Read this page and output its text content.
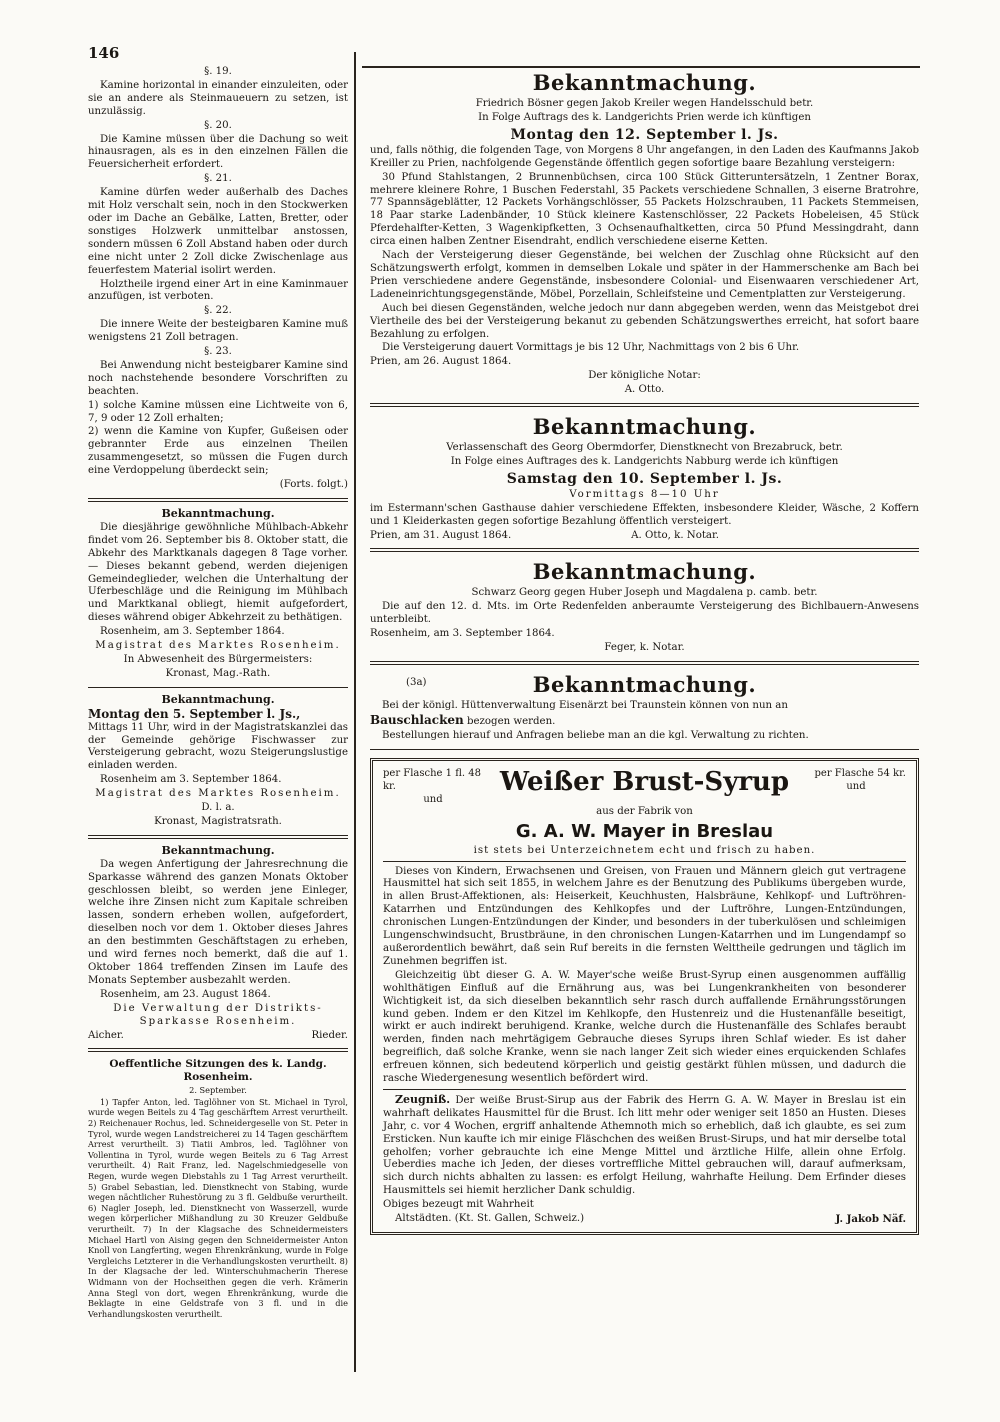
146

§. 19.

Kamine horizontal in einander einzuleiten, oder sie an andere als Steinmaueuern zu setzen, ist unzulässig.

§. 20.

Die Kamine müssen über die Dachung so weit hinausragen, als es in den einzelnen Fällen die Feuersicherheit erfordert.

§. 21.

Kamine dürfen weder außerhalb des Daches mit Holz verschalt sein, noch in den Stockwerken oder im Dache an Gebälke, Latten, Bretter, oder sonstiges Holzwerk unmittelbar anstossen, sondern müssen 6 Zoll Abstand haben oder durch eine nicht unter 2 Zoll dicke Zwischenlage aus feuerfestem Material isolirt werden.

Holztheile irgend einer Art in eine Kaminmauer anzufügen, ist verboten.

§. 22.

Die innere Weite der besteigbaren Kamine muß wenigstens 21 Zoll betragen.

§. 23.

Bei Anwendung nicht besteigbarer Kamine sind noch nachstehende besondere Vorschriften zu beachten.

1) solche Kamine müssen eine Lichtweite von 6, 7, 9 oder 12 Zoll erhalten;

2) wenn die Kamine von Kupfer, Gußeisen oder gebrannter Erde aus einzelnen Theilen zusammengesetzt, so müssen die Fugen durch eine Verdoppelung überdeckt sein;

(Forts. folgt.)

Bekanntmachung.

Die diesjährige gewöhnliche Mühlbach-Abkehr findet vom 26. September bis 8. Oktober statt, die Abkehr des Marktkanals dagegen 8 Tage vorher. — Dieses bekannt gebend, werden diejenigen Gemeindeglieder, welchen die Unterhaltung der Uferbeschläge und die Reinigung im Mühlbach und Marktkanal obliegt, hiemit aufgefordert, dieses während obiger Abkehrzeit zu bethätigen.

Rosenheim, am 3. September 1864.

Magistrat des Marktes Rosenheim.

In Abwesenheit des Bürgermeisters:

Kronast, Mag.-Rath.

Bekanntmachung.

Montag den 5. September l. Js.,

Mittags 11 Uhr, wird in der Magistratskanzlei das der Gemeinde gehörige Fischwasser zur Versteigerung gebracht, wozu Steigerungslustige einladen werden.

Rosenheim am 3. September 1864.

Magistrat des Marktes Rosenheim.

D. l. a.

Kronast, Magistratsrath.

Bekanntmachung.

Da wegen Anfertigung der Jahresrechnung die Sparkasse während des ganzen Monats Oktober geschlossen bleibt, so werden jene Einleger, welche ihre Zinsen nicht zum Kapitale schreiben lassen, sondern erheben wollen, aufgefordert, dieselben noch vor dem 1. Oktober dieses Jahres an den bestimmten Geschäftstagen zu erheben, und wird fernes noch bemerkt, daß die auf 1. Oktober 1864 treffenden Zinsen im Laufe des Monats September ausbezahlt werden.

Rosenheim, am 23. August 1864.

Die Verwaltung der Distrikts-Sparkasse Rosenheim.

Aicher.	Rieder.

Oeffentliche Sitzungen des k. Landg. Rosenheim.

2. September.

1) Tapfer Anton, led. Taglöhner von St. Michael in Tyrol, wurde wegen Beitels zu 4 Tag geschärftem Arrest verurtheilt. 2) Reichenauer Rochus, led. Schneidergeselle von St. Peter in Tyrol, wurde wegen Landstreicherei zu 14 Tagen geschärftem Arrest verurtheilt. 3) Tiatii Ambros, led. Taglöhner von Vollentina in Tyrol, wurde wegen Beitels zu 6 Tag Arrest verurtheilt. 4) Rait Franz, led. Nagelschmiedgeselle von Regen, wurde wegen Diebstahls zu 1 Tag Arrest verurtheilt. 5) Grabel Sebastian, led. Dienstknecht von Stabing, wurde wegen nächtlicher Ruhestörung zu 3 fl. Geldbuße verurtheilt. 6) Nagler Joseph, led. Dienstknecht von Wasserzell, wurde wegen körperlicher Mißhandlung zu 30 Kreuzer Geldbuße verurtheilt. 7) In der Klagsache des Schneidermeisters Michael Hartl von Aising gegen den Schneidermeister Anton Knoll von Langferting, wegen Ehrenkränkung, wurde in Folge Vergleichs Letzterer in die Verhandlungskosten verurtheilt. 8) In der Klagsache der led. Winterschuhmacherin Therese Widmann von der Hochseithen gegen die verh. Krämerin Anna Stegl von dort, wegen Ehrenkränkung, wurde die Beklagte in eine Geldstrafe von 3 fl. und in die Verhandlungskosten verurtheilt.

Bekanntmachung.

Friedrich Bösner gegen Jakob Kreiler wegen Handelsschuld betr.

In Folge Auftrags des k. Landgerichts Prien werde ich künftigen

Montag den 12. September l. Js.

und, falls nöthig, die folgenden Tage, von Morgens 8 Uhr angefangen, in den Laden des Kaufmanns Jakob Kreiller zu Prien, nachfolgende Gegenstände öffentlich gegen sofortige baare Bezahlung versteigern:

30 Pfund Stahlstangen, 2 Brunnenbüchsen, circa 100 Stück Gitteruntersätzeln, 1 Zentner Borax, mehrere kleinere Rohre, 1 Buschen Federstahl, 35 Packets verschiedene Schnallen, 3 eiserne Bratrohre, 77 Spannsägeblätter, 12 Packets Vorhängschlösser, 55 Packets Holzschrauben, 11 Packets Stemmeisen, 18 Paar starke Ladenbänder, 10 Stück kleinere Kastenschlösser, 22 Packets Hobeleisen, 45 Stück Pferdehalfter-Ketten, 3 Wagenkipfketten, 3 Ochsenaufhaltketten, circa 50 Pfund Messingdraht, dann circa einen halben Zentner Eisendraht, endlich verschiedene eiserne Ketten.

Nach der Versteigerung dieser Gegenstände, bei welchen der Zuschlag ohne Rücksicht auf den Schätzungswerth erfolgt, kommen in demselben Lokale und später in der Hammerschenke am Bach bei Prien verschiedene andere Gegenstände, insbesondere Colonial- und Eisenwaaren verschiedener Art, Ladeneinrichtungsgegenstände, Möbel, Porzellain, Schleifsteine und Cementplatten zur Versteigerung.

Auch bei diesen Gegenständen, welche jedoch nur dann abgegeben werden, wenn das Meistgebot drei Viertheile des bei der Versteigerung bekanut zu gebenden Schätzungswerthes erreicht, hat sofort baare Bezahlung zu erfolgen.

Die Versteigerung dauert Vormittags je bis 12 Uhr, Nachmittags von 2 bis 6 Uhr.

Prien, am 26. August 1864.

Der königliche Notar:

A. Otto.

Bekanntmachung.

Verlassenschaft des Georg Obermdorfer, Dienstknecht von Brezabruck, betr.

In Folge eines Auftrages des k. Landgerichts Nabburg werde ich künftigen

Samstag den 10. September l. Js.

Vormittags 8—10 Uhr

im Estermann'schen Gasthause dahier verschiedene Effekten, insbesondere Kleider, Wäsche, 2 Koffern und 1 Kleiderkasten gegen sofortige Bezahlung öffentlich versteigert.

Prien, am 31. August 1864.	A. Otto, k. Notar.

Bekanntmachung.

Schwarz Georg gegen Huber Joseph und Magdalena p. camb. betr.

Die auf den 12. d. Mts. im Orte Redenfelden anberaumte Versteigerung des Bichlbauern-Anwesens unterbleibt.

Rosenheim, am 3. September 1864.

Feger, k. Notar.

(3a)	Bekanntmachung.

Bei der königl. Hüttenverwaltung Eisenärzt bei Traunstein können von nun an

Bauschlacken bezogen werden.

Bestellungen hierauf und Anfragen beliebe man an die kgl. Verwaltung zu richten.

per Flasche 1 fl. 48 kr.
und
Weißer Brust-Syrup	per Flasche 54 kr.
und

aus der Fabrik von

G. A. W. Mayer in Breslau

ist stets bei Unterzeichnetem echt und frisch zu haben.

Dieses von Kindern, Erwachsenen und Greisen, von Frauen und Männern gleich gut vertragene Hausmittel hat sich seit 1855, in welchem Jahre es der Benutzung des Publikums übergeben wurde, in allen Brust-Affektionen, als: Heiserkeit, Keuchhusten, Halsbräune, Kehlkopf- und Luftröhren-Katarrhen und Entzündungen des Kehlkopfes und der Luftröhre, Lungen-Entzündungen, chronischen Lungen-Entzündungen der Kinder, und besonders in der tuberkulösen und schleimigen Lungenschwindsucht, Brustbräune, in den chronischen Lungen-Katarrhen und im Lungendampf so außerordentlich bewährt, daß sein Ruf bereits in die fernsten Welttheile gedrungen und täglich im Zunehmen begriffen ist.

Gleichzeitig übt dieser G. A. W. Mayer'sche weiße Brust-Syrup einen ausgenommen auffällig wohlthätigen Einfluß auf die Ernährung aus, was bei Lungenkrankheiten von besonderer Wichtigkeit ist, da sich dieselben bekanntlich sehr rasch durch auffallende Ernährungsstörungen kund geben. Indem er den Kitzel im Kehlkopfe, den Hustenreiz und die Hustenanfälle beseitigt, wirkt er auch indirekt beruhigend. Kranke, welche durch die Hustenanfälle des Schlafes beraubt werden, finden nach mehrtägigem Gebrauche dieses Syrups ihren Schlaf wieder. Es ist daher begreiflich, daß solche Kranke, wenn sie nach langer Zeit sich wieder eines erquickenden Schlafes erfreuen können, sich bedeutend körperlich und geistig gestärkt fühlen müssen, und dadurch die rasche Wiedergenesung wesentlich befördert wird.

Zeugniß. Der weiße Brust-Sirup aus der Fabrik des Herrn G. A. W. Mayer in Breslau ist ein wahrhaft delikates Hausmittel für die Brust. Ich litt mehr oder weniger seit 1850 an Husten. Dieses Jahr, c. vor 4 Wochen, ergriff anhaltende Athemnoth mich so erheblich, daß ich glaubte, es sei zum Ersticken. Nun kaufte ich mir einige Fläschchen des weißen Brust-Sirups, und hat mir derselbe total geholfen; vorher gebrauchte ich eine Menge Mittel und ärztliche Hilfe, allein ohne Erfolg. Ueberdies mache ich Jeden, der dieses vortreffliche Mittel gebrauchen will, darauf aufmerksam, sich durch nichts abhalten zu lassen: es erfolgt Heilung, wahrhafte Heilung. Dem Erfinder dieses Hausmittels sei hiemit herzlicher Dank schuldig.

Obiges bezeugt mit Wahrheit

Altstädten. (Kt. St. Gallen, Schweiz.)	J. Jakob Näf.
